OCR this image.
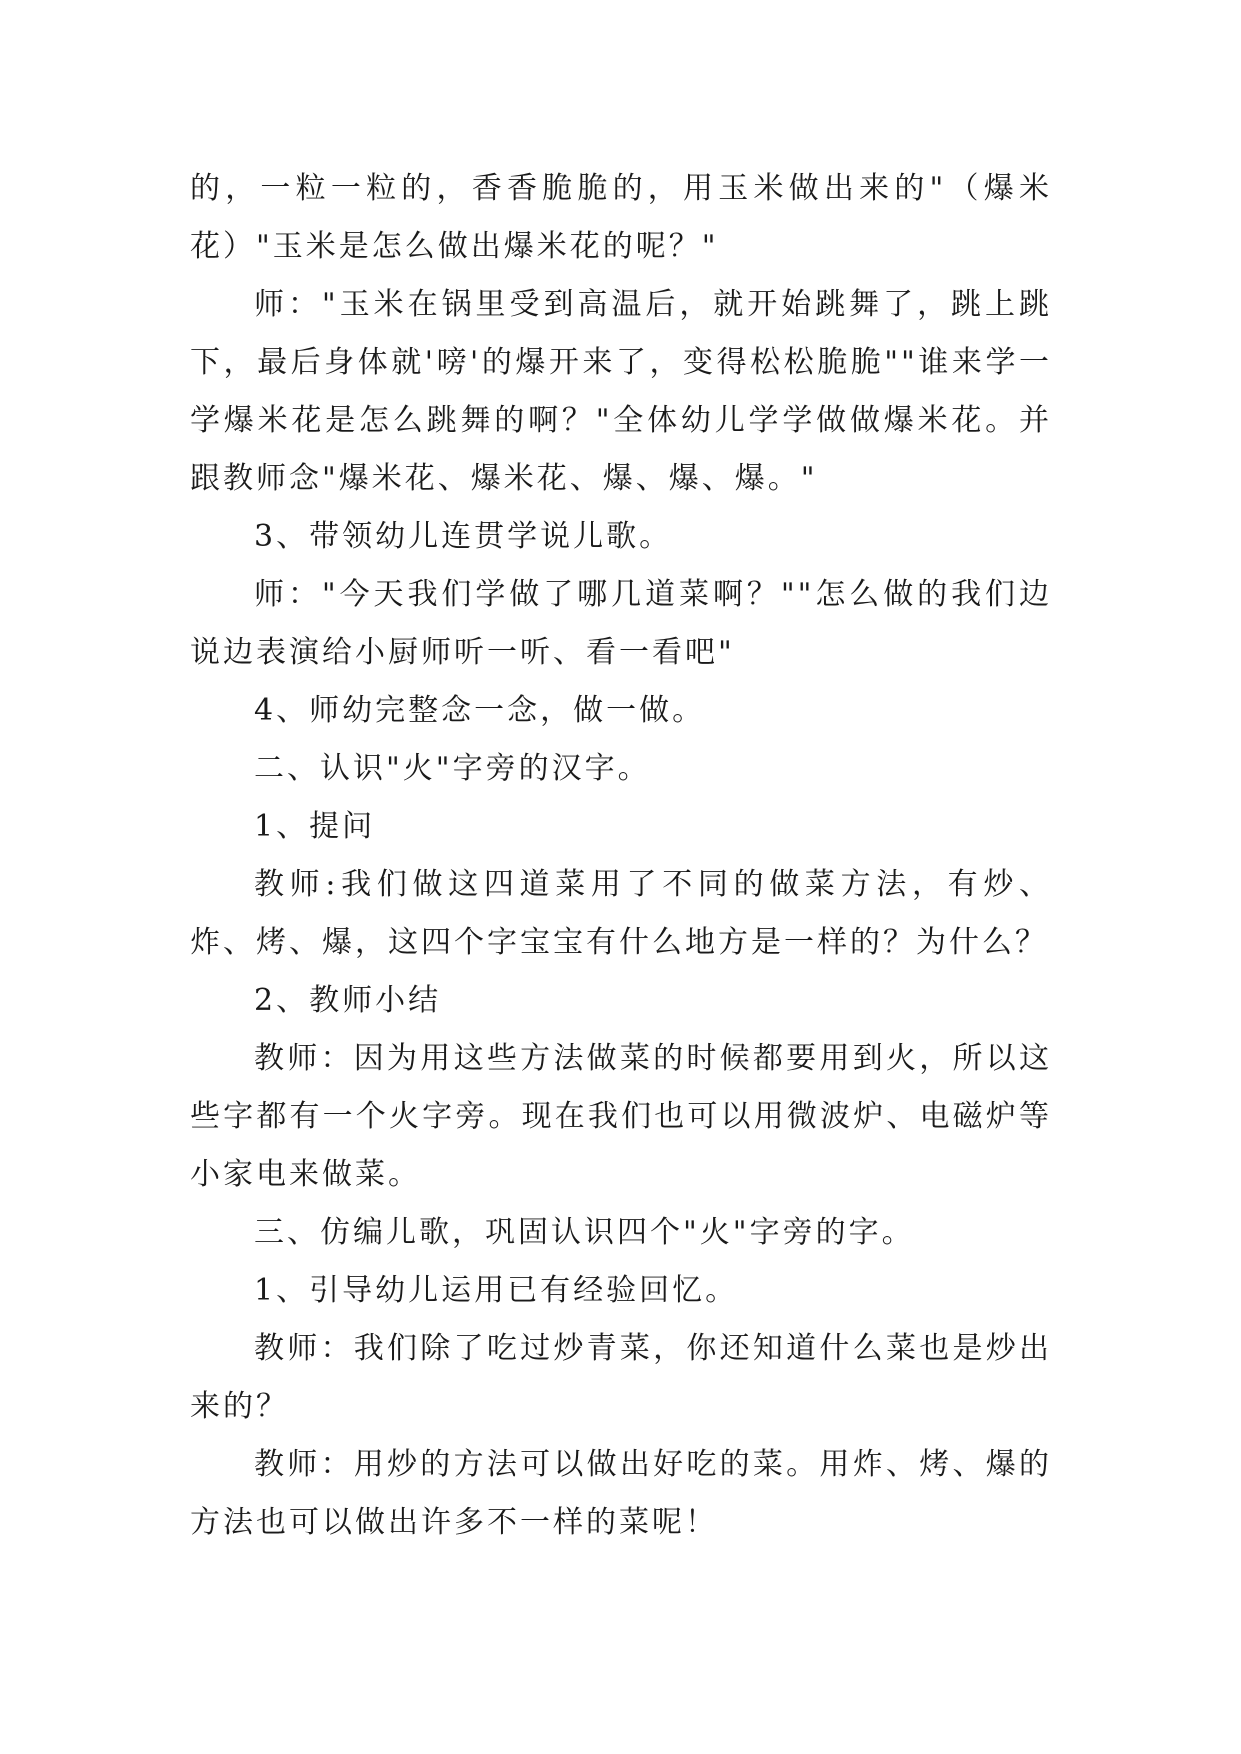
的，一粒一粒的，香香脆脆的，用玉米做出来的"（爆米花）"玉米是怎么做出爆米花的呢？"

师："玉米在锅里受到高温后，就开始跳舞了，跳上跳下，最后身体就'嗙'的爆开来了，变得松松脆脆""谁来学一学爆米花是怎么跳舞的啊？"全体幼儿学学做做爆米花。并跟教师念"爆米花、爆米花、爆、爆、爆。"

3、带领幼儿连贯学说儿歌。

师："今天我们学做了哪几道菜啊？""怎么做的我们边说边表演给小厨师听一听、看一看吧"

4、师幼完整念一念，做一做。

二、认识"火"字旁的汉字。

1、提问

教师:我们做这四道菜用了不同的做菜方法，有炒、炸、烤、爆，这四个字宝宝有什么地方是一样的？为什么？

2、教师小结

教师：因为用这些方法做菜的时候都要用到火，所以这些字都有一个火字旁。现在我们也可以用微波炉、电磁炉等小家电来做菜。

三、仿编儿歌，巩固认识四个"火"字旁的字。

1、引导幼儿运用已有经验回忆。

教师：我们除了吃过炒青菜，你还知道什么菜也是炒出来的？

教师：用炒的方法可以做出好吃的菜。用炸、烤、爆的方法也可以做出许多不一样的菜呢！
